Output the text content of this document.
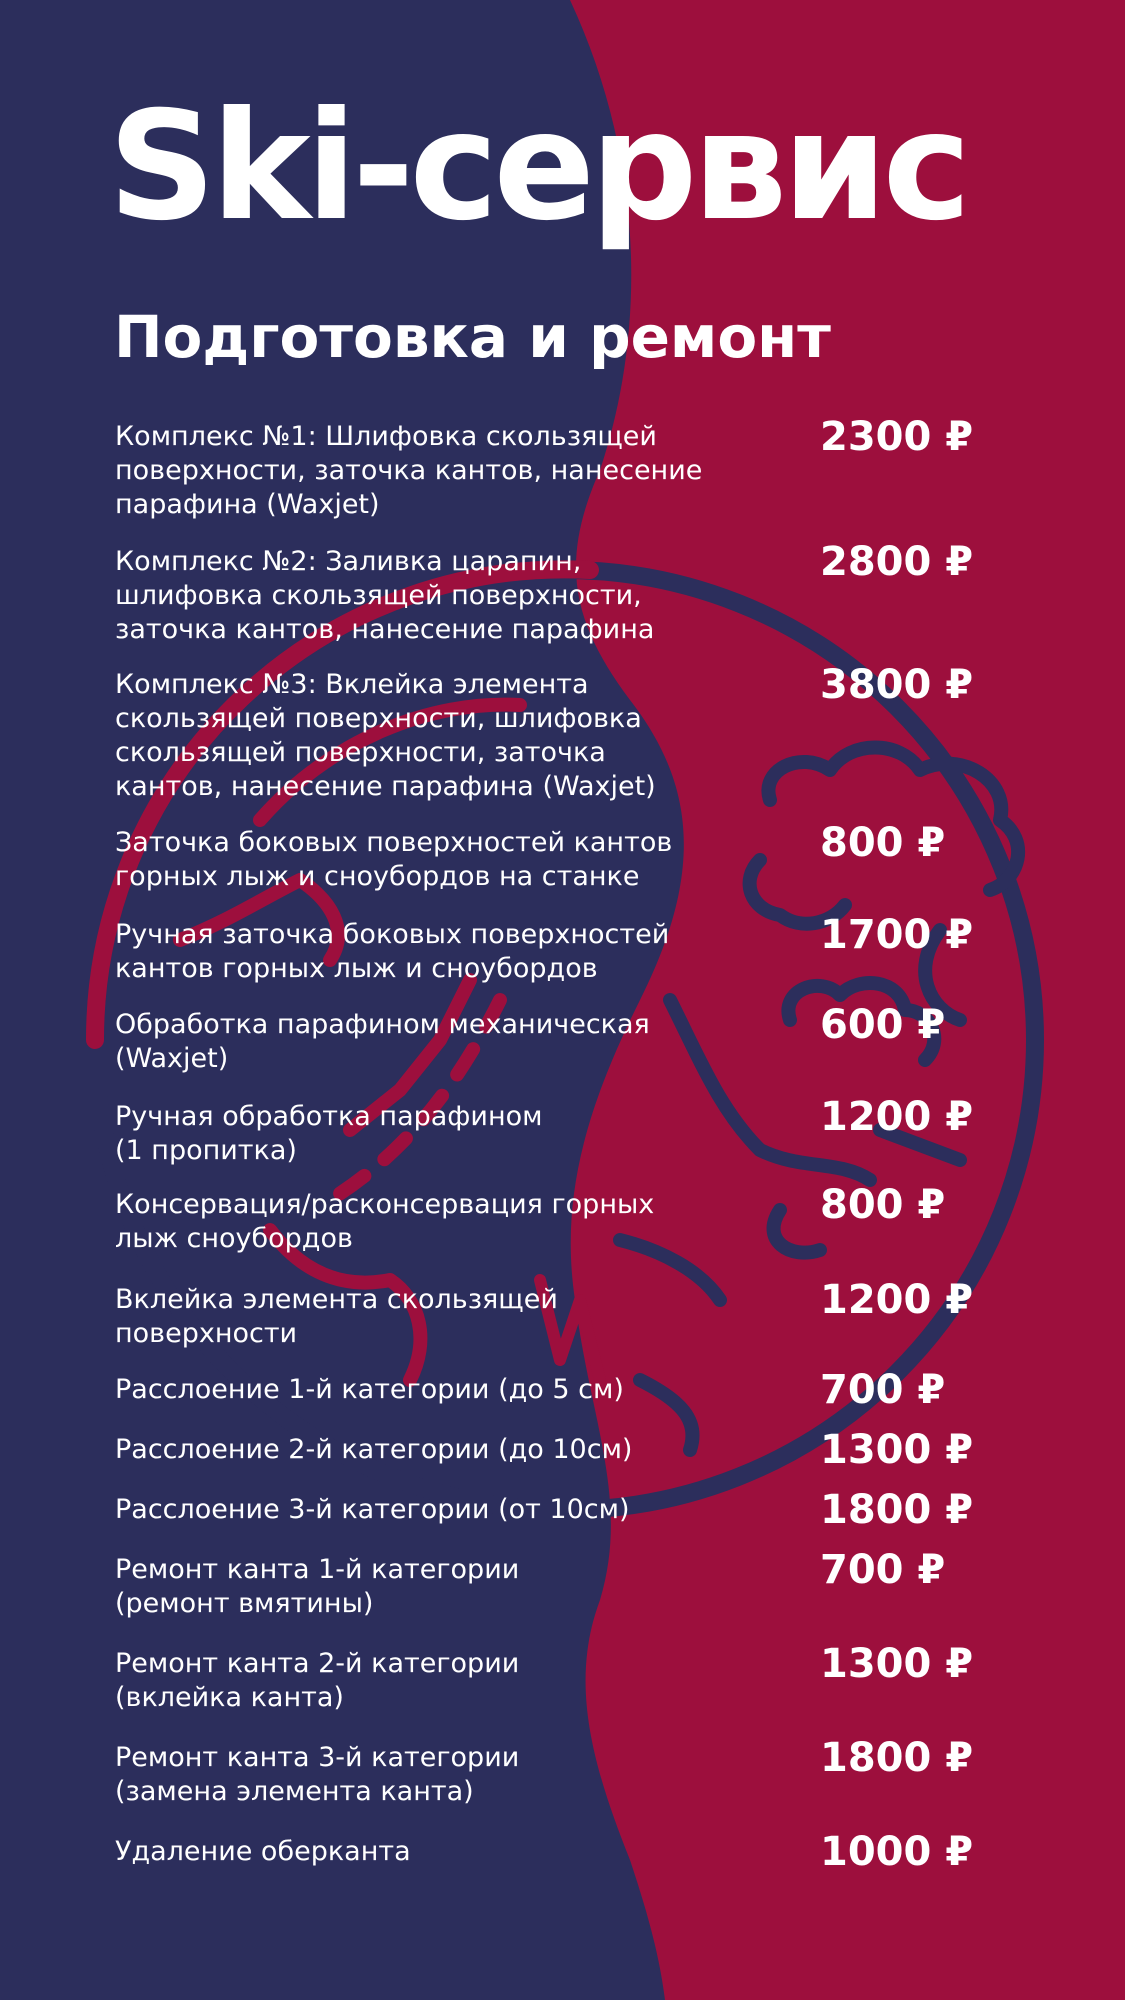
Ski-сервис
Подготовка и ремонт
Комплекс №1: Шлифовка скользящей
поверхности, заточка кантов, нанесение
парафина (Waxjet)
2300 ₽
Комплекс №2: Заливка царапин,
шлифовка скользящей поверхности,
заточка кантов, нанесение парафина
2800 ₽
Комплекс №3: Вклейка элемента
скользящей поверхности, шлифовка
скользящей поверхности, заточка
кантов, нанесение парафина (Waxjet)
3800 ₽
Заточка боковых поверхностей кантов
горных лыж и сноубордов на станке
800 ₽
Ручная заточка боковых поверхностей
кантов горных лыж и сноубордов
1700 ₽
Обработка парафином механическая
(Waxjet)
600 ₽
Ручная обработка парафином
(1 пропитка)
1200 ₽
Консервация/расконсервация горных
лыж сноубордов
800 ₽
Вклейка элемента скользящей
поверхности
1200 ₽
Расслоение 1-й категории (до 5 см)	700 ₽
Расслоение 2-й категории (до 10см)	1300 ₽
Расслоение 3-й категории (от 10см)	1800 ₽
Ремонт канта 1-й категории
(ремонт вмятины)
700 ₽
Ремонт канта 2-й категории
(вклейка канта)
1300 ₽
Ремонт канта 3-й категории
(замена элемента канта)
1800 ₽
Удаление оберканта	1000 ₽
